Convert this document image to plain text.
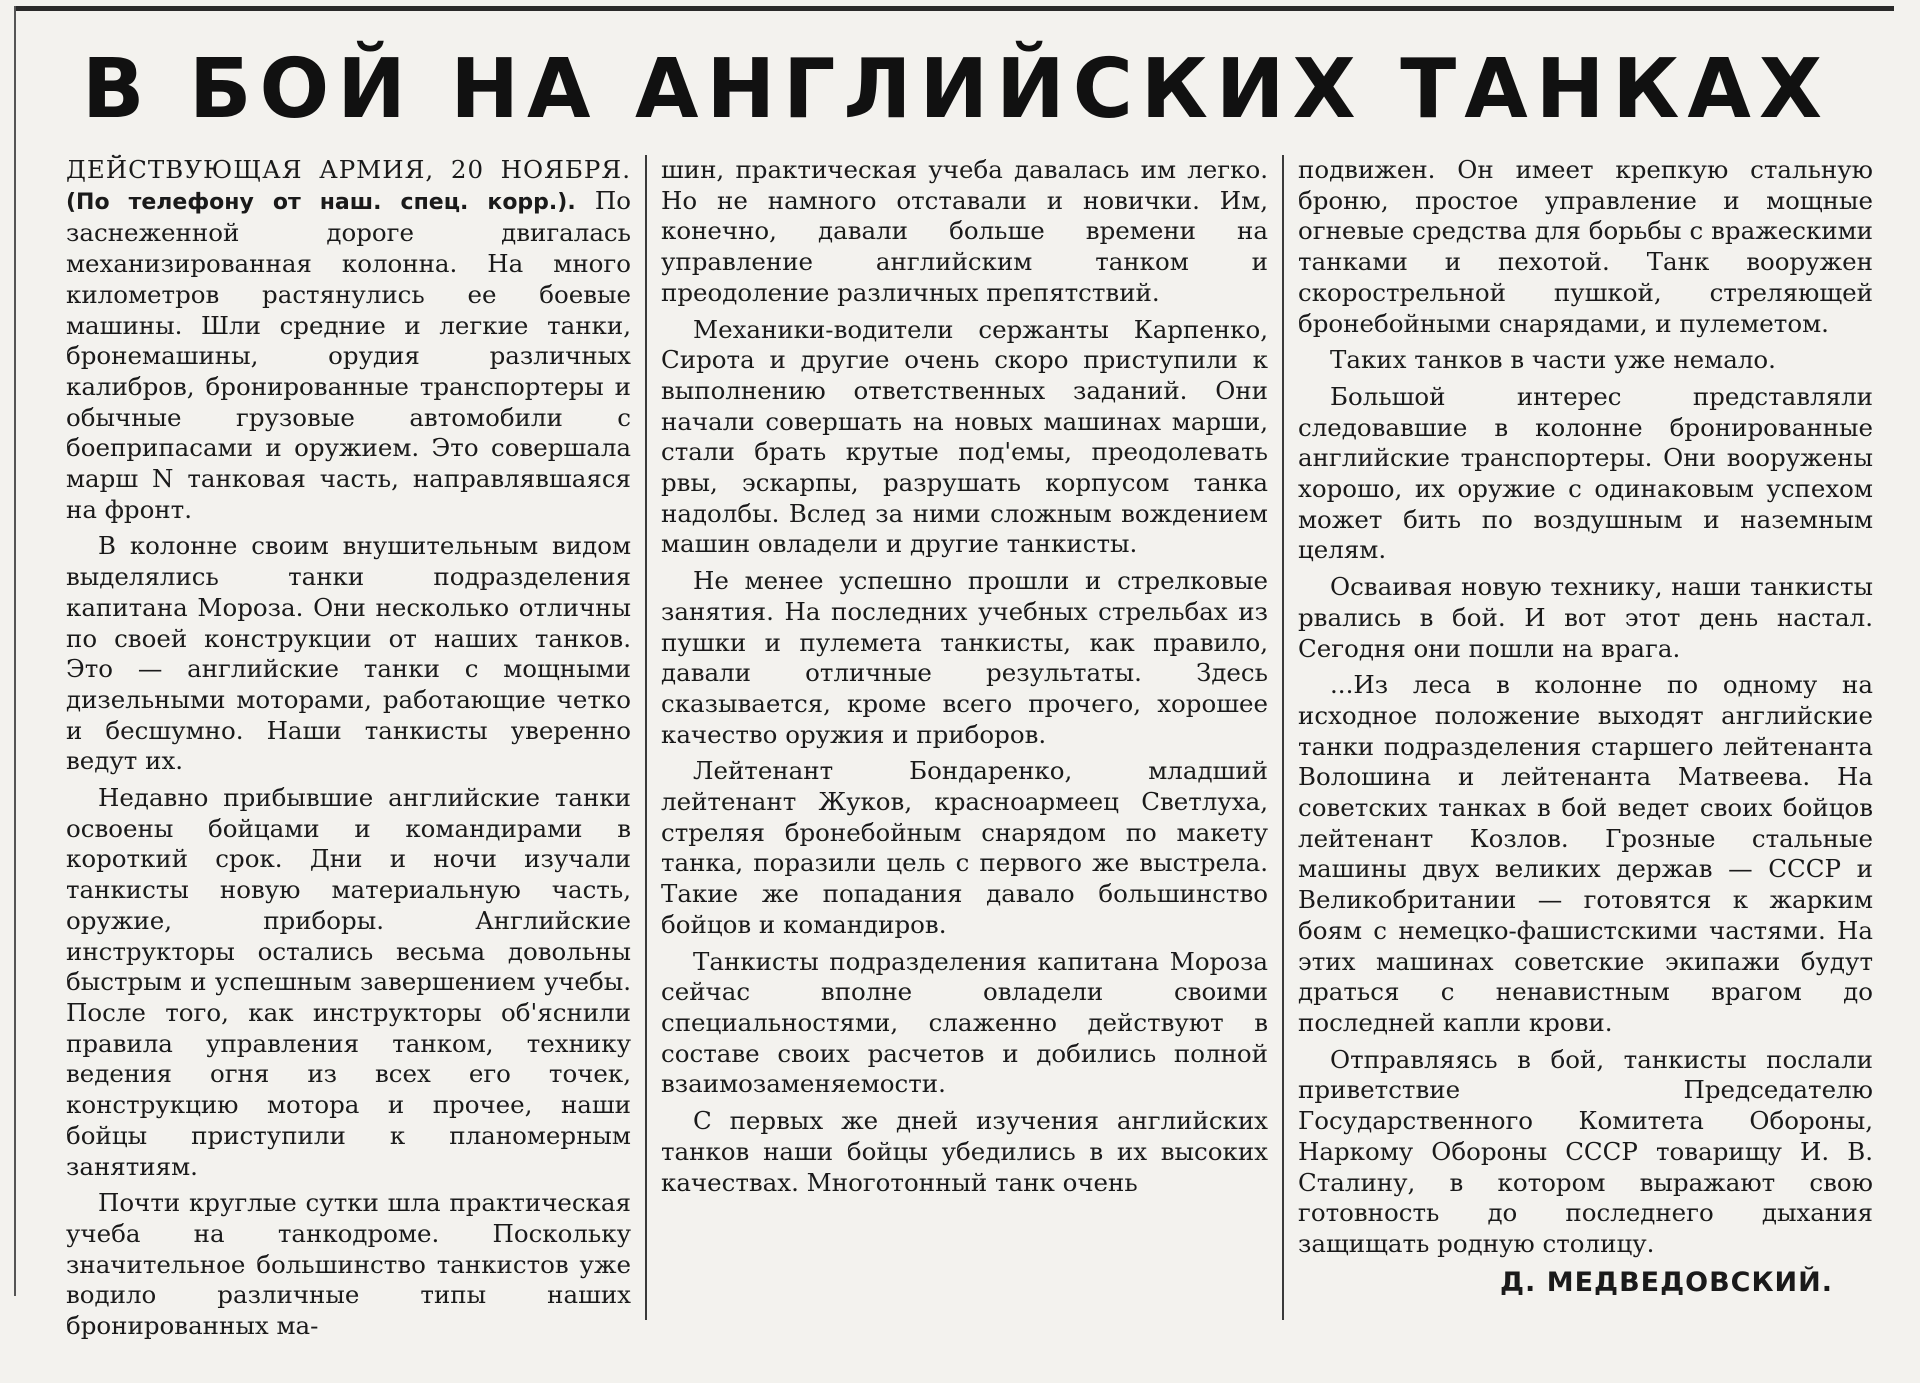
В БОЙ НА АНГЛИЙСКИХ ТАНКАХ

ДЕЙСТВУЮЩАЯ АРМИЯ, 20 НОЯБРЯ. (По телефону от наш. спец. корр.). По заснеженной дороге двигалась механизированная колонна. На много километров растянулись ее боевые машины. Шли средние и легкие танки, бронемашины, орудия различных калибров, бронированные транспортеры и обычные грузовые автомобили с боеприпасами и оружием. Это совершала марш N танковая часть, направлявшаяся на фронт.

В колонне своим внушительным видом выделялись танки подразделения капитана Мороза. Они несколько отличны по своей конструкции от наших танков. Это — английские танки с мощными дизельными моторами, работающие четко и бесшумно. Наши танкисты уверенно ведут их.

Недавно прибывшие английские танки освоены бойцами и командирами в короткий срок. Дни и ночи изучали танкисты новую материальную часть, оружие, приборы. Английские инструкторы остались весьма довольны быстрым и успешным завершением учебы. После того, как инструкторы об'яснили правила управления танком, технику ведения огня из всех его точек, конструкцию мотора и прочее, наши бойцы приступили к планомерным занятиям.

Почти круглые сутки шла практическая учеба на танкодроме. Поскольку значительное большинство танкистов уже водило различные типы наших бронированных ма-

шин, практическая учеба давалась им легко. Но не намного отставали и новички. Им, конечно, давали больше времени на управление английским танком и преодоление различных препятствий.

Механики-водители сержанты Карпенко, Сирота и другие очень скоро приступили к выполнению ответственных заданий. Они начали совершать на новых машинах марши, стали брать крутые под'емы, преодолевать рвы, эскарпы, разрушать корпусом танка надолбы. Вслед за ними сложным вождением машин овладели и другие танкисты.

Не менее успешно прошли и стрелковые занятия. На последних учебных стрельбах из пушки и пулемета танкисты, как правило, давали отличные результаты. Здесь сказывается, кроме всего прочего, хорошее качество оружия и приборов.

Лейтенант Бондаренко, младший лейтенант Жуков, красноармеец Светлуха, стреляя бронебойным снарядом по макету танка, поразили цель с первого же выстрела. Такие же попадания давало большинство бойцов и командиров.

Танкисты подразделения капитана Мороза сейчас вполне овладели своими специальностями, слаженно действуют в составе своих расчетов и добились полной взаимозаменяемости.

С первых же дней изучения английских танков наши бойцы убедились в их высоких качествах. Многотонный танк очень

подвижен. Он имеет крепкую стальную броню, простое управление и мощные огневые средства для борьбы с вражескими танками и пехотой. Танк вооружен скорострельной пушкой, стреляющей бронебойными снарядами, и пулеметом.

Таких танков в части уже немало.

Большой интерес представляли следовавшие в колонне бронированные английские транспортеры. Они вооружены хорошо, их оружие с одинаковым успехом может бить по воздушным и наземным целям.

Осваивая новую технику, наши танкисты рвались в бой. И вот этот день настал. Сегодня они пошли на врага.

...Из леса в колонне по одному на исходное положение выходят английские танки подразделения старшего лейтенанта Волошина и лейтенанта Матвеева. На советских танках в бой ведет своих бойцов лейтенант Козлов. Грозные стальные машины двух великих держав — СССР и Великобритании — готовятся к жарким боям с немецко-фашистскими частями. На этих машинах советские экипажи будут драться с ненавистным врагом до последней капли крови.

Отправляясь в бой, танкисты послали приветствие Председателю Государственного Комитета Обороны, Наркому Обороны СССР товарищу И. В. Сталину, в котором выражают свою готовность до последнего дыхания защищать родную столицу.

Д. МЕДВЕДОВСКИЙ.
